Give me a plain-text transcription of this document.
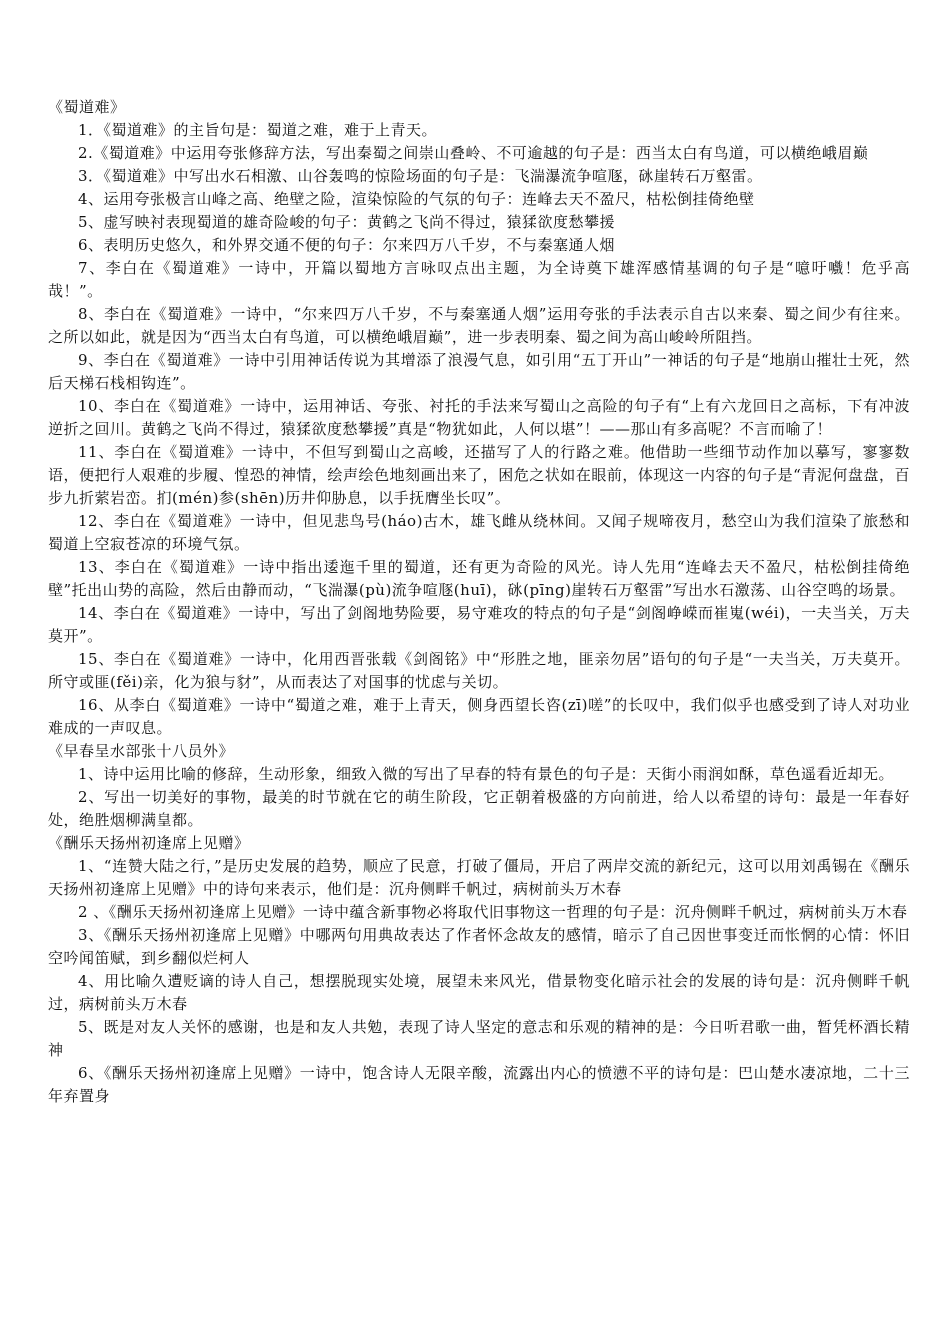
《蜀道难》

1．《蜀道难》的主旨句是：蜀道之难，难于上青天。

2.《蜀道难》中运用夸张修辞方法，写出秦蜀之间崇山叠岭、不可逾越的句子是：西当太白有鸟道，可以横绝峨眉巅

3．《蜀道难》中写出水石相激、山谷轰鸣的惊险场面的句子是：飞湍瀑流争喧豗，砯崖转石万壑雷。

4、运用夸张极言山峰之高、绝壁之险，渲染惊险的气氛的句子：连峰去天不盈尺，枯松倒挂倚绝壁

5、虚写映衬表现蜀道的雄奇险峻的句子：黄鹤之飞尚不得过，猿猱欲度愁攀援

6、表明历史悠久，和外界交通不便的句子：尔来四万八千岁，不与秦塞通人烟

7、李白在《蜀道难》一诗中，开篇以蜀地方言咏叹点出主题，为全诗奠下雄浑感情基调的句子是“噫吁嚱！危乎高哉！”。

8、李白在《蜀道难》一诗中，“尔来四万八千岁，不与秦塞通人烟”运用夸张的手法表示自古以来秦、蜀之间少有往来。之所以如此，就是因为“西当太白有鸟道，可以横绝峨眉巅”，进一步表明秦、蜀之间为高山峻岭所阻挡。

9、李白在《蜀道难》一诗中引用神话传说为其增添了浪漫气息，如引用“五丁开山”一神话的句子是“地崩山摧壮士死，然后天梯石栈相钩连”。

10、李白在《蜀道难》一诗中，运用神话、夸张、衬托的手法来写蜀山之高险的句子有“上有六龙回日之高标，下有冲波逆折之回川。黄鹤之飞尚不得过，猿猱欲度愁攀援”真是“物犹如此，人何以堪”！——那山有多高呢？不言而喻了！

11、李白在《蜀道难》一诗中，不但写到蜀山之高峻，还描写了人的行路之难。他借助一些细节动作加以摹写，寥寥数语，便把行人艰难的步履、惶恐的神情，绘声绘色地刻画出来了，困危之状如在眼前，体现这一内容的句子是“青泥何盘盘，百步九折萦岩峦。扪(mén)参(shēn)历井仰胁息，以手抚膺坐长叹”。

12、李白在《蜀道难》一诗中，但见悲鸟号(háo)古木，雄飞雌从绕林间。又闻子规啼夜月，愁空山为我们渲染了旅愁和蜀道上空寂苍凉的环境气氛。

13、李白在《蜀道难》一诗中指出逶迤千里的蜀道，还有更为奇险的风光。诗人先用“连峰去天不盈尺，枯松倒挂倚绝壁”托出山势的高险，然后由静而动，“飞湍瀑(pù)流争喧豗(huī)，砯(pīng)崖转石万壑雷”写出水石激荡、山谷空鸣的场景。

14、李白在《蜀道难》一诗中，写出了剑阁地势险要，易守难攻的特点的句子是“剑阁峥嵘而崔嵬(wéi)，一夫当关，万夫莫开”。

15、李白在《蜀道难》一诗中，化用西晋张载《剑阁铭》中“形胜之地，匪亲勿居”语句的句子是“一夫当关，万夫莫开。所守或匪(fěi)亲，化为狼与豺”，从而表达了对国事的忧虑与关切。

16、从李白《蜀道难》一诗中“蜀道之难，难于上青天，侧身西望长咨(zī)嗟”的长叹中，我们似乎也感受到了诗人对功业难成的一声叹息。

《早春呈水部张十八员外》

1、诗中运用比喻的修辞，生动形象，细致入微的写出了早春的特有景色的句子是：天街小雨润如酥，草色遥看近却无。

2、写出一切美好的事物，最美的时节就在它的萌生阶段，它正朝着极盛的方向前进，给人以希望的诗句：最是一年春好处，绝胜烟柳满皇都。

《酬乐天扬州初逢席上见赠》

1、“连赞大陆之行，”是历史发展的趋势，顺应了民意，打破了僵局，开启了两岸交流的新纪元，这可以用刘禹锡在《酬乐天扬州初逢席上见赠》中的诗句来表示，他们是：沉舟侧畔千帆过，病树前头万木春

2 、《酬乐天扬州初逢席上见赠》一诗中蕴含新事物必将取代旧事物这一哲理的句子是：沉舟侧畔千帆过，病树前头万木春

3、《酬乐天扬州初逢席上见赠》中哪两句用典故表达了作者怀念故友的感情，暗示了自己因世事变迁而怅惘的心情：怀旧空吟闻笛赋，到乡翻似烂柯人

4、用比喻久遭贬谪的诗人自己，想摆脱现实处境，展望未来风光，借景物变化暗示社会的发展的诗句是：沉舟侧畔千帆过，病树前头万木春

5、既是对友人关怀的感谢，也是和友人共勉，表现了诗人坚定的意志和乐观的精神的是：今日听君歌一曲，暂凭杯酒长精神

6、《酬乐天扬州初逢席上见赠》一诗中，饱含诗人无限辛酸，流露出内心的愤懑不平的诗句是：巴山楚水凄凉地，二十三年弃置身
